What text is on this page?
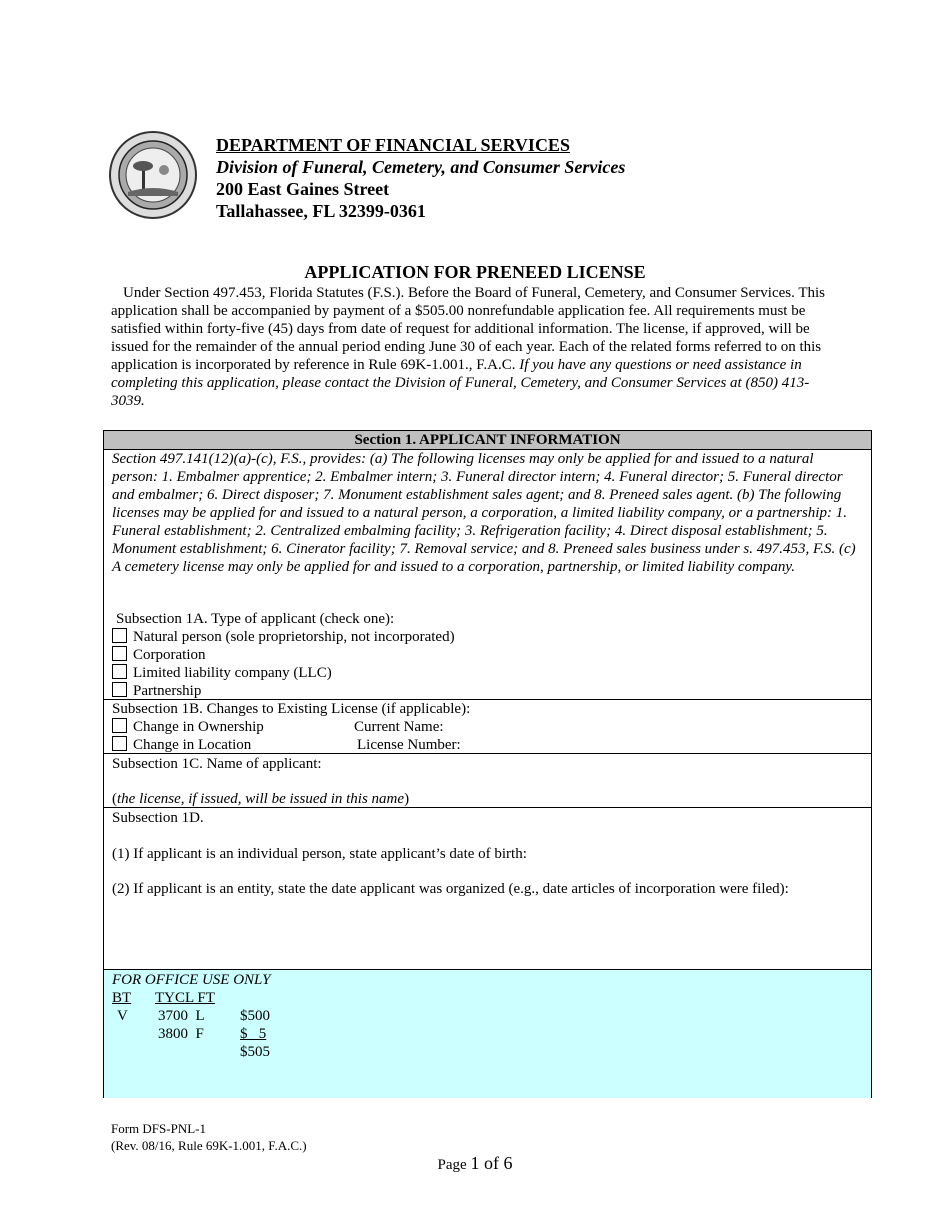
DEPARTMENT OF FINANCIAL SERVICES
Division of Funeral, Cemetery, and Consumer Services
200 East Gaines Street
Tallahassee, FL 32399-0361
APPLICATION FOR PRENEED LICENSE
Under Section 497.453, Florida Statutes (F.S.). Before the Board of Funeral, Cemetery, and Consumer Services. This application shall be accompanied by payment of a $505.00 nonrefundable application fee. All requirements must be satisfied within forty-five (45) days from date of request for additional information. The license, if approved, will be issued for the remainder of the annual period ending June 30 of each year. Each of the related forms referred to on this application is incorporated by reference in Rule 69K-1.001., F.A.C. If you have any questions or need assistance in completing this application, please contact the Division of Funeral, Cemetery, and Consumer Services at (850) 413-3039.
Section 1. APPLICANT INFORMATION
Section 497.141(12)(a)-(c), F.S., provides: (a) The following licenses may only be applied for and issued to a natural person: 1. Embalmer apprentice; 2. Embalmer intern; 3. Funeral director intern; 4. Funeral director; 5. Funeral director and embalmer; 6. Direct disposer; 7. Monument establishment sales agent; and 8. Preneed sales agent. (b) The following licenses may be applied for and issued to a natural person, a corporation, a limited liability company, or a partnership: 1. Funeral establishment; 2. Centralized embalming facility; 3. Refrigeration facility; 4. Direct disposal establishment; 5. Monument establishment; 6. Cinerator facility; 7. Removal service; and 8. Preneed sales business under s. 497.453, F.S. (c) A cemetery license may only be applied for and issued to a corporation, partnership, or limited liability company.
Subsection 1A. Type of applicant (check one):
Natural person (sole proprietorship, not incorporated)
Corporation
Limited liability company (LLC)
Partnership
Subsection 1B. Changes to Existing License (if applicable):
Change in Ownership	Current Name:
Change in Location	License Number:
Subsection 1C. Name of applicant:
(the license, if issued, will be issued in this name)
Subsection 1D.
(1) If applicant is an individual person, state applicant’s date of birth:
(2) If applicant is an entity, state the date applicant was organized (e.g., date articles of incorporation were filed):
FOR OFFICE USE ONLY
BT TYCL FT
V 3700  L $500
3800  F $   5
$505
Form DFS-PNL-1
(Rev. 08/16, Rule 69K-1.001, F.A.C.)
Page 1 of 6
